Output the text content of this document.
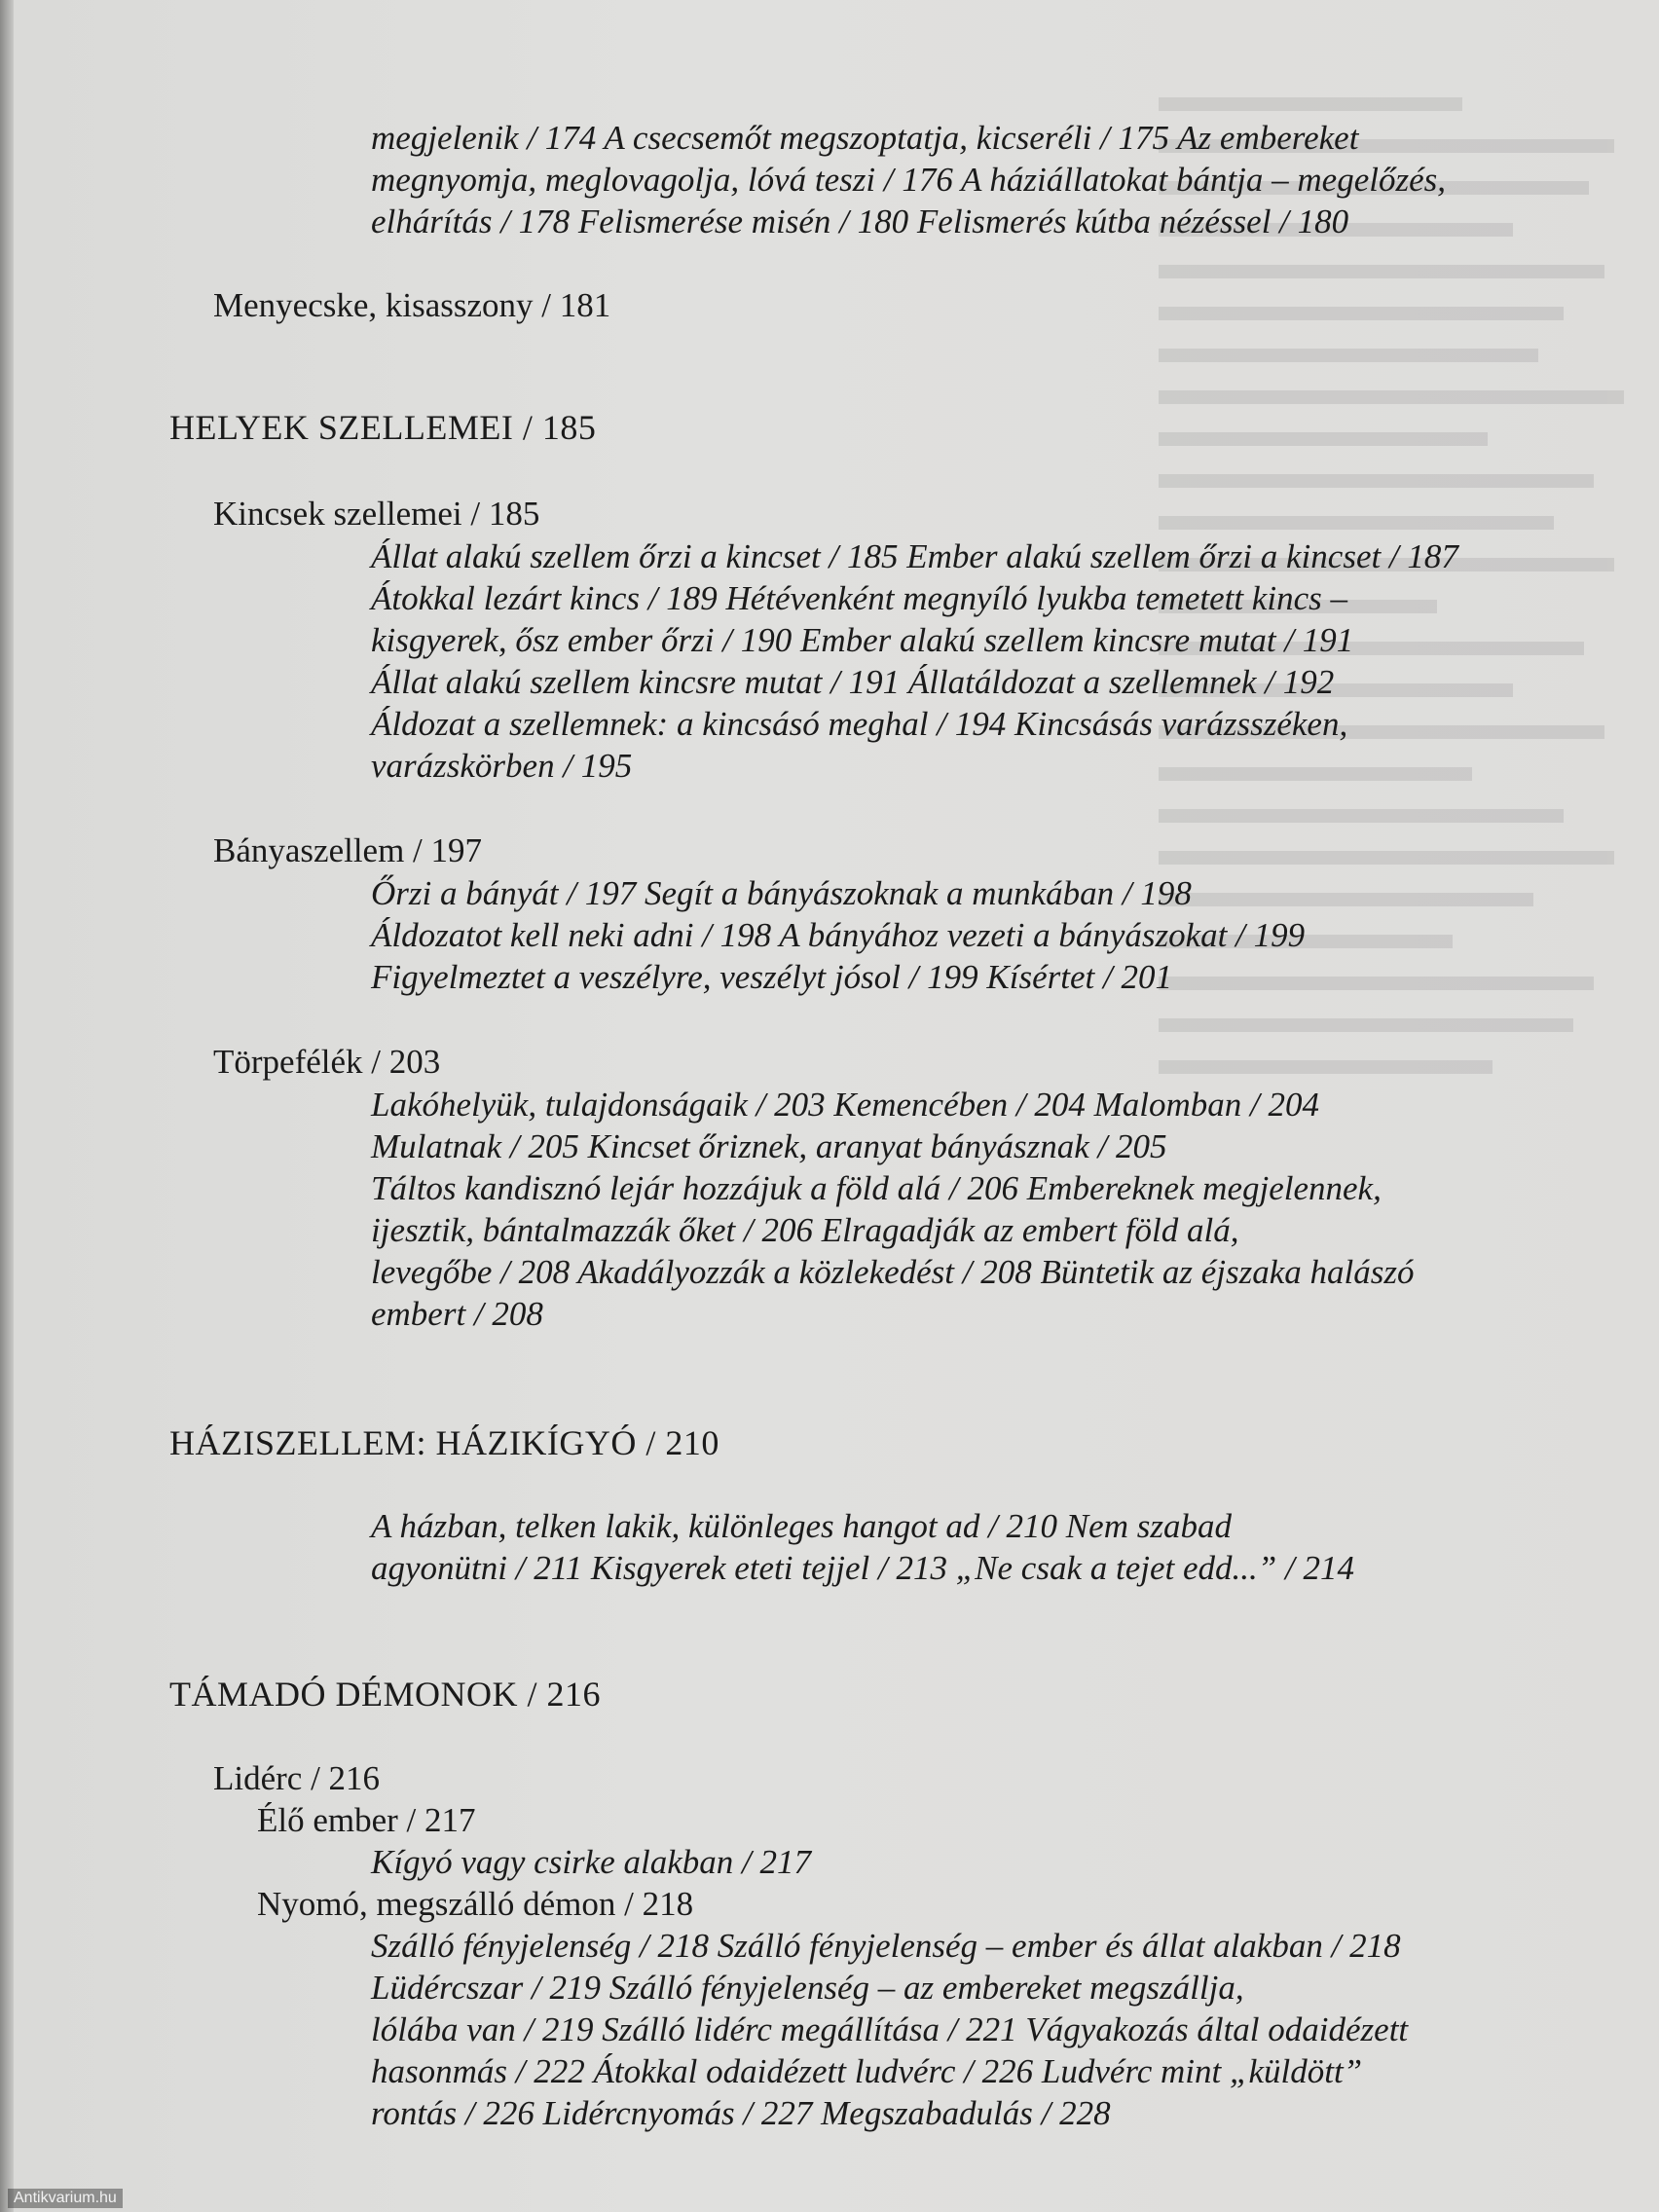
megjelenik / 174 A csecsemőt megszoptatja, kicseréli / 175 Az embereket
megnyomja, meglovagolja, lóvá teszi / 176 A háziállatokat bántja – megelőzés,
elhárítás / 178 Felismerése misén / 180 Felismerés kútba nézéssel / 180
Menyecske, kisasszony / 181
HELYEK SZELLEMEI / 185
Kincsek szellemei / 185
Állat alakú szellem őrzi a kincset / 185 Ember alakú szellem őrzi a kincset / 187
Átokkal lezárt kincs / 189 Hétévenként megnyíló lyukba temetett kincs –
kisgyerek, ősz ember őrzi / 190 Ember alakú szellem kincsre mutat / 191
Állat alakú szellem kincsre mutat / 191 Állatáldozat a szellemnek / 192
Áldozat a szellemnek: a kincsásó meghal / 194 Kincsásás varázsszéken,
varázskörben / 195
Bányaszellem / 197
Őrzi a bányát / 197 Segít a bányászoknak a munkában / 198
Áldozatot kell neki adni / 198 A bányához vezeti a bányászokat / 199
Figyelmeztet a veszélyre, veszélyt jósol / 199 Kísértet / 201
Törpefélék / 203
Lakóhelyük, tulajdonságaik / 203 Kemencében / 204 Malomban / 204
Mulatnak / 205 Kincset őriznek, aranyat bányásznak / 205
Táltos kandisznó lejár hozzájuk a föld alá / 206 Embereknek megjelennek,
ijesztik, bántalmazzák őket / 206 Elragadják az embert föld alá,
levegőbe / 208 Akadályozzák a közlekedést / 208 Büntetik az éjszaka halászó
embert / 208
HÁZISZELLEM: HÁZIKÍGYÓ / 210
A házban, telken lakik, különleges hangot ad / 210 Nem szabad
agyonütni / 211 Kisgyerek eteti tejjel / 213 „Ne csak a tejet edd...” / 214
TÁMADÓ DÉMONOK / 216
Lidérc / 216
Élő ember / 217
Kígyó vagy csirke alakban / 217
Nyomó, megszálló démon / 218
Szálló fényjelenség / 218 Szálló fényjelenség – ember és állat alakban / 218
Lüdércszar / 219 Szálló fényjelenség – az embereket megszállja,
lólába van / 219 Szálló lidérc megállítása / 221 Vágyakozás által odaidézett
hasonmás / 222 Átokkal odaidézett ludvérc / 226 Ludvérc mint „küldött”
rontás / 226 Lidércnyomás / 227 Megszabadulás / 228
Antikvarium.hu
